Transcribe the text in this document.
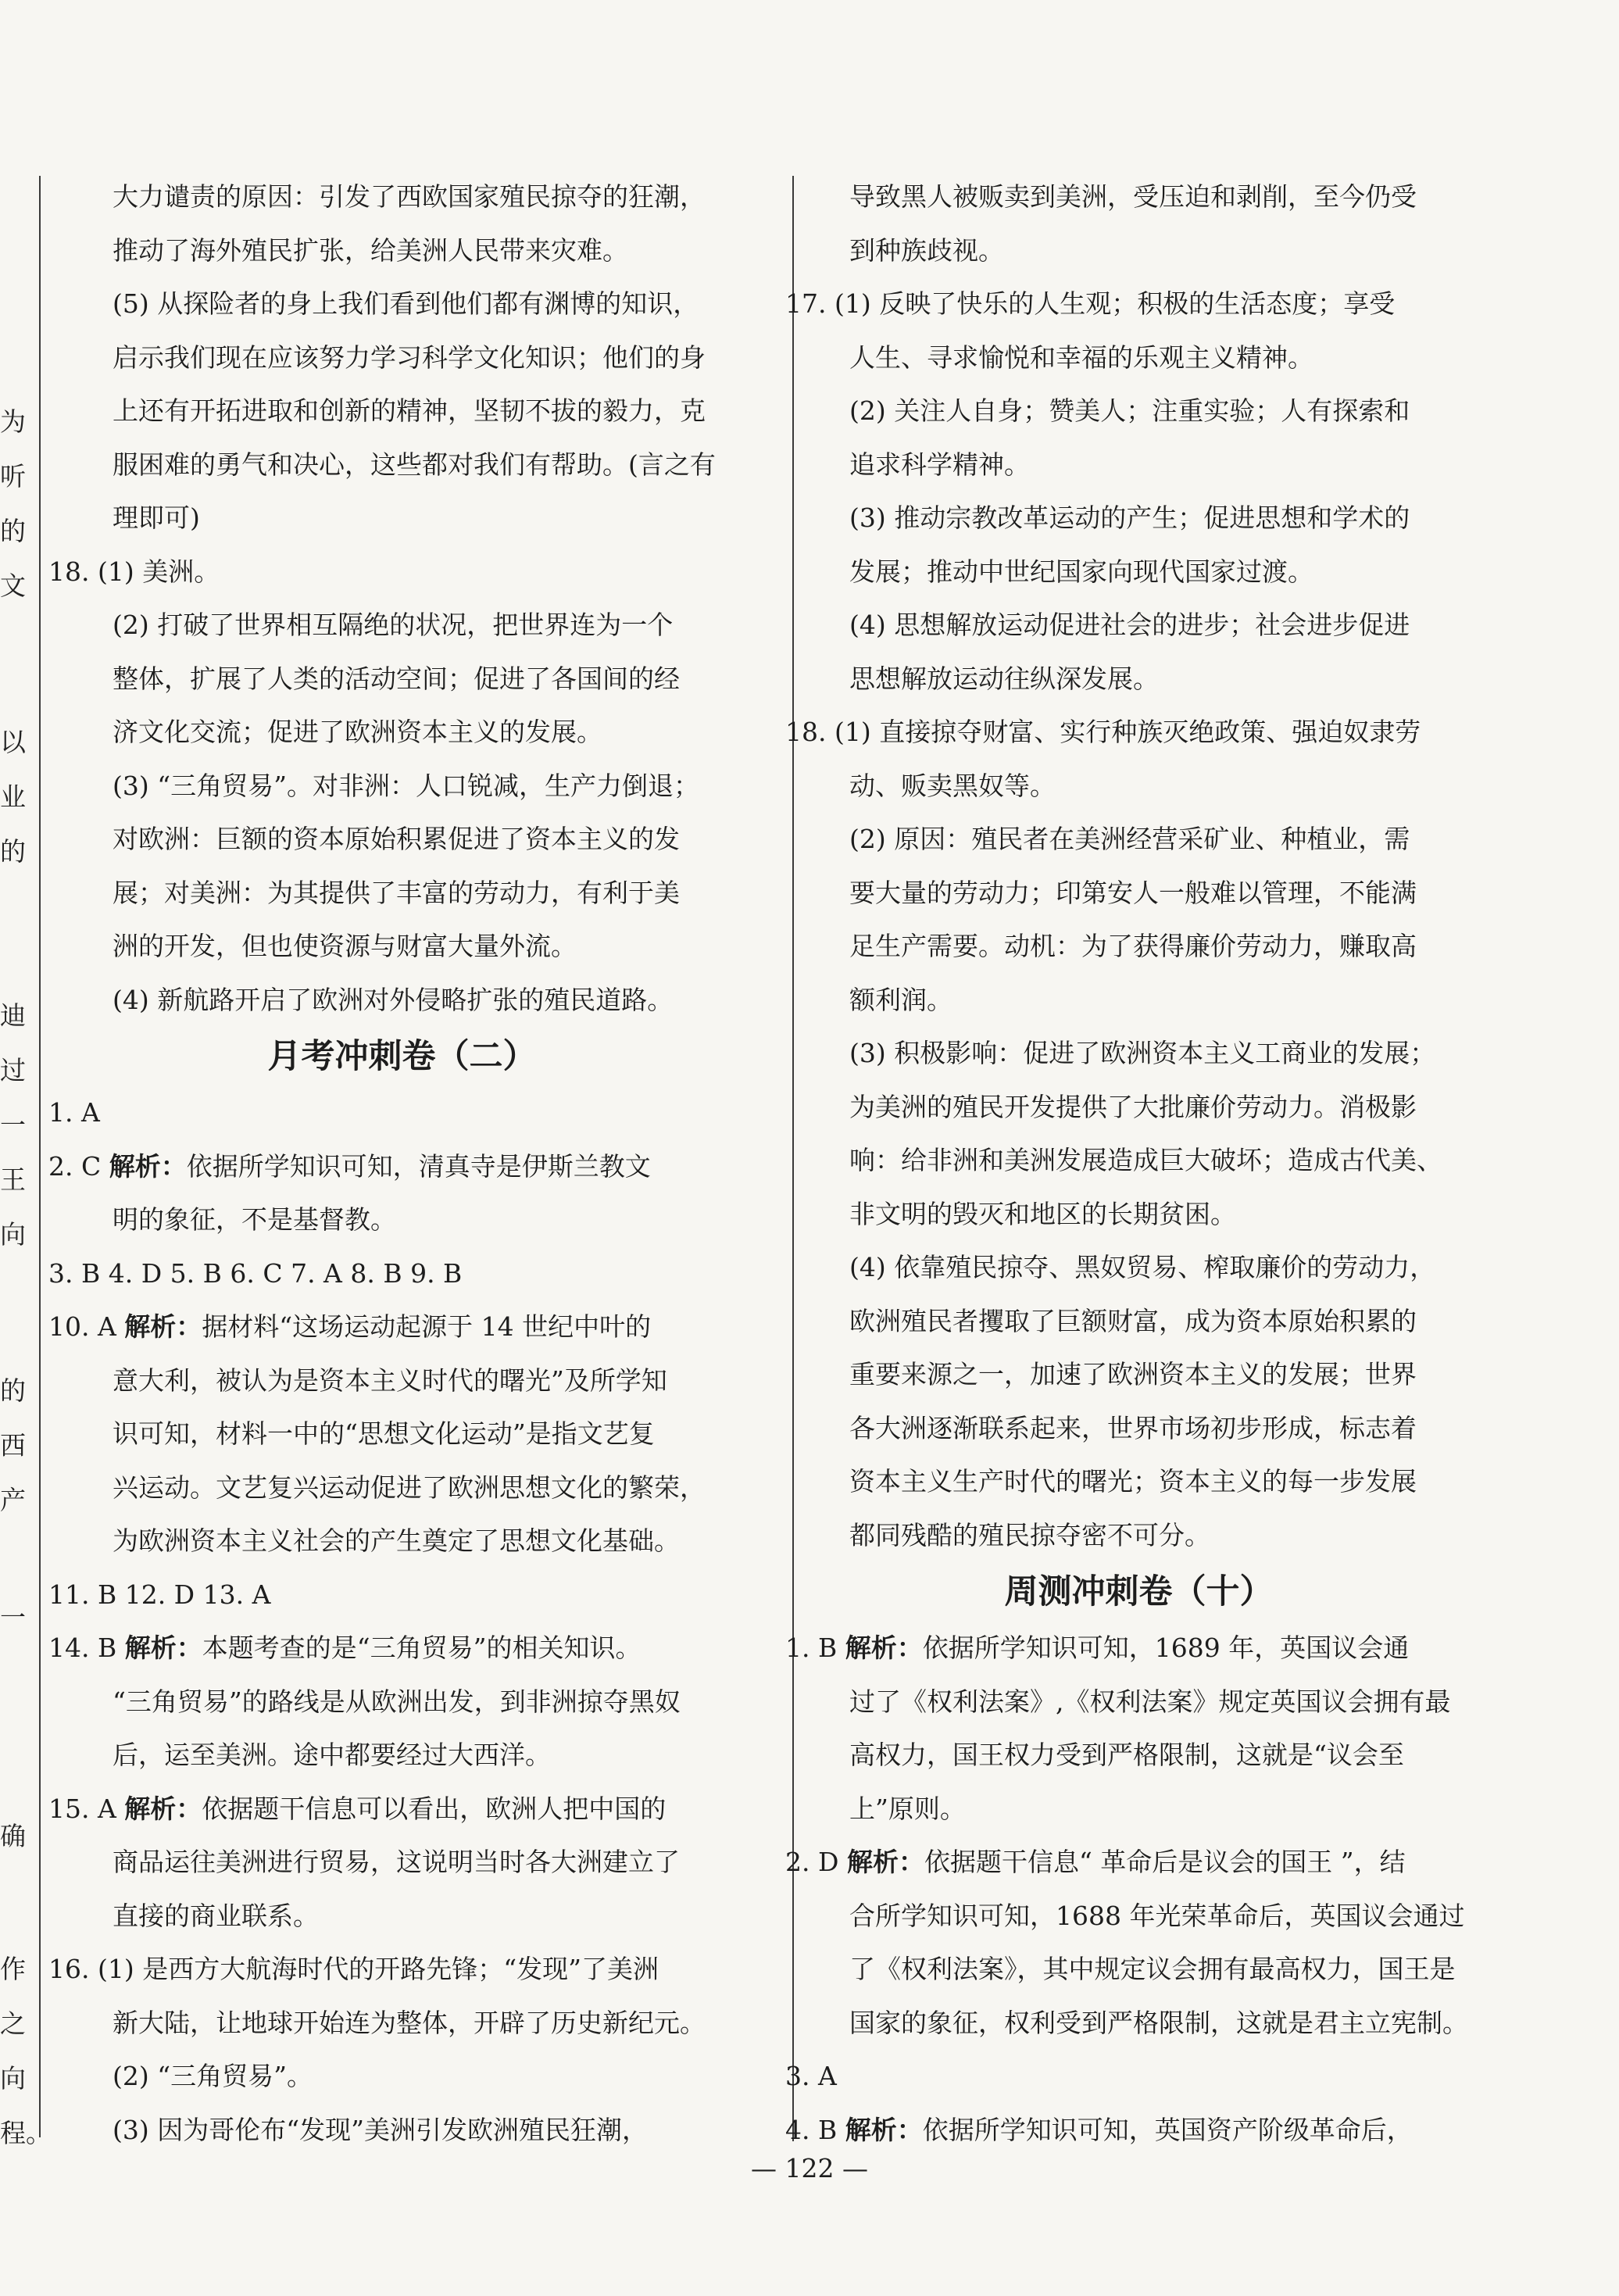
为
听
的
文
以
业
的
迪
过
一
王
向
的
西
产
一
确
作
之
向
程。

大力谴责的原因：引发了西欧国家殖民掠夺的狂潮，

推动了海外殖民扩张，给美洲人民带来灾难。

(5) 从探险者的身上我们看到他们都有渊博的知识，

启示我们现在应该努力学习科学文化知识；他们的身

上还有开拓进取和创新的精神，坚韧不拔的毅力，克

服困难的勇气和决心，这些都对我们有帮助。(言之有

理即可)

18. (1) 美洲。

(2) 打破了世界相互隔绝的状况，把世界连为一个

整体，扩展了人类的活动空间；促进了各国间的经

济文化交流；促进了欧洲资本主义的发展。

(3) “三角贸易”。对非洲：人口锐减，生产力倒退；

对欧洲：巨额的资本原始积累促进了资本主义的发

展；对美洲：为其提供了丰富的劳动力，有利于美

洲的开发，但也使资源与财富大量外流。

(4) 新航路开启了欧洲对外侵略扩张的殖民道路。

月考冲刺卷（二）

1. A

2. C 解析：依据所学知识可知，清真寺是伊斯兰教文

明的象征，不是基督教。

3. B 4. D 5. B 6. C 7. A 8. B 9. B

10. A 解析：据材料“这场运动起源于 14 世纪中叶的

意大利，被认为是资本主义时代的曙光”及所学知

识可知，材料一中的“思想文化运动”是指文艺复

兴运动。文艺复兴运动促进了欧洲思想文化的繁荣，

为欧洲资本主义社会的产生奠定了思想文化基础。

11. B 12. D 13. A

14. B 解析：本题考查的是“三角贸易”的相关知识。

“三角贸易”的路线是从欧洲出发，到非洲掠夺黑奴

后，运至美洲。途中都要经过大西洋。

15. A 解析：依据题干信息可以看出，欧洲人把中国的

商品运往美洲进行贸易，这说明当时各大洲建立了

直接的商业联系。

16. (1) 是西方大航海时代的开路先锋；“发现”了美洲

新大陆，让地球开始连为整体，开辟了历史新纪元。

(2) “三角贸易”。

(3) 因为哥伦布“发现”美洲引发欧洲殖民狂潮，

导致黑人被贩卖到美洲，受压迫和剥削，至今仍受

到种族歧视。

17. (1) 反映了快乐的人生观；积极的生活态度；享受

人生、寻求愉悦和幸福的乐观主义精神。

(2) 关注人自身；赞美人；注重实验；人有探索和

追求科学精神。

(3) 推动宗教改革运动的产生；促进思想和学术的

发展；推动中世纪国家向现代国家过渡。

(4) 思想解放运动促进社会的进步；社会进步促进

思想解放运动往纵深发展。

18. (1) 直接掠夺财富、实行种族灭绝政策、强迫奴隶劳

动、贩卖黑奴等。

(2) 原因：殖民者在美洲经营采矿业、种植业，需

要大量的劳动力；印第安人一般难以管理，不能满

足生产需要。动机：为了获得廉价劳动力，赚取高

额利润。

(3) 积极影响：促进了欧洲资本主义工商业的发展；

为美洲的殖民开发提供了大批廉价劳动力。消极影

响：给非洲和美洲发展造成巨大破坏；造成古代美、

非文明的毁灭和地区的长期贫困。

(4) 依靠殖民掠夺、黑奴贸易、榨取廉价的劳动力，

欧洲殖民者攫取了巨额财富，成为资本原始积累的

重要来源之一，加速了欧洲资本主义的发展；世界

各大洲逐渐联系起来，世界市场初步形成，标志着

资本主义生产时代的曙光；资本主义的每一步发展

都同残酷的殖民掠夺密不可分。

周测冲刺卷（十）

1. B 解析：依据所学知识可知，1689 年，英国议会通

过了《权利法案》,《权利法案》规定英国议会拥有最

高权力，国王权力受到严格限制，这就是“议会至

上”原则。

2. D 解析：依据题干信息“ 革命后是议会的国王 ”，结

合所学知识可知，1688 年光荣革命后，英国议会通过

了《权利法案》，其中规定议会拥有最高权力，国王是

国家的象征，权利受到严格限制，这就是君主立宪制。

3. A

4. B 解析：依据所学知识可知，英国资产阶级革命后，

— 122 —
